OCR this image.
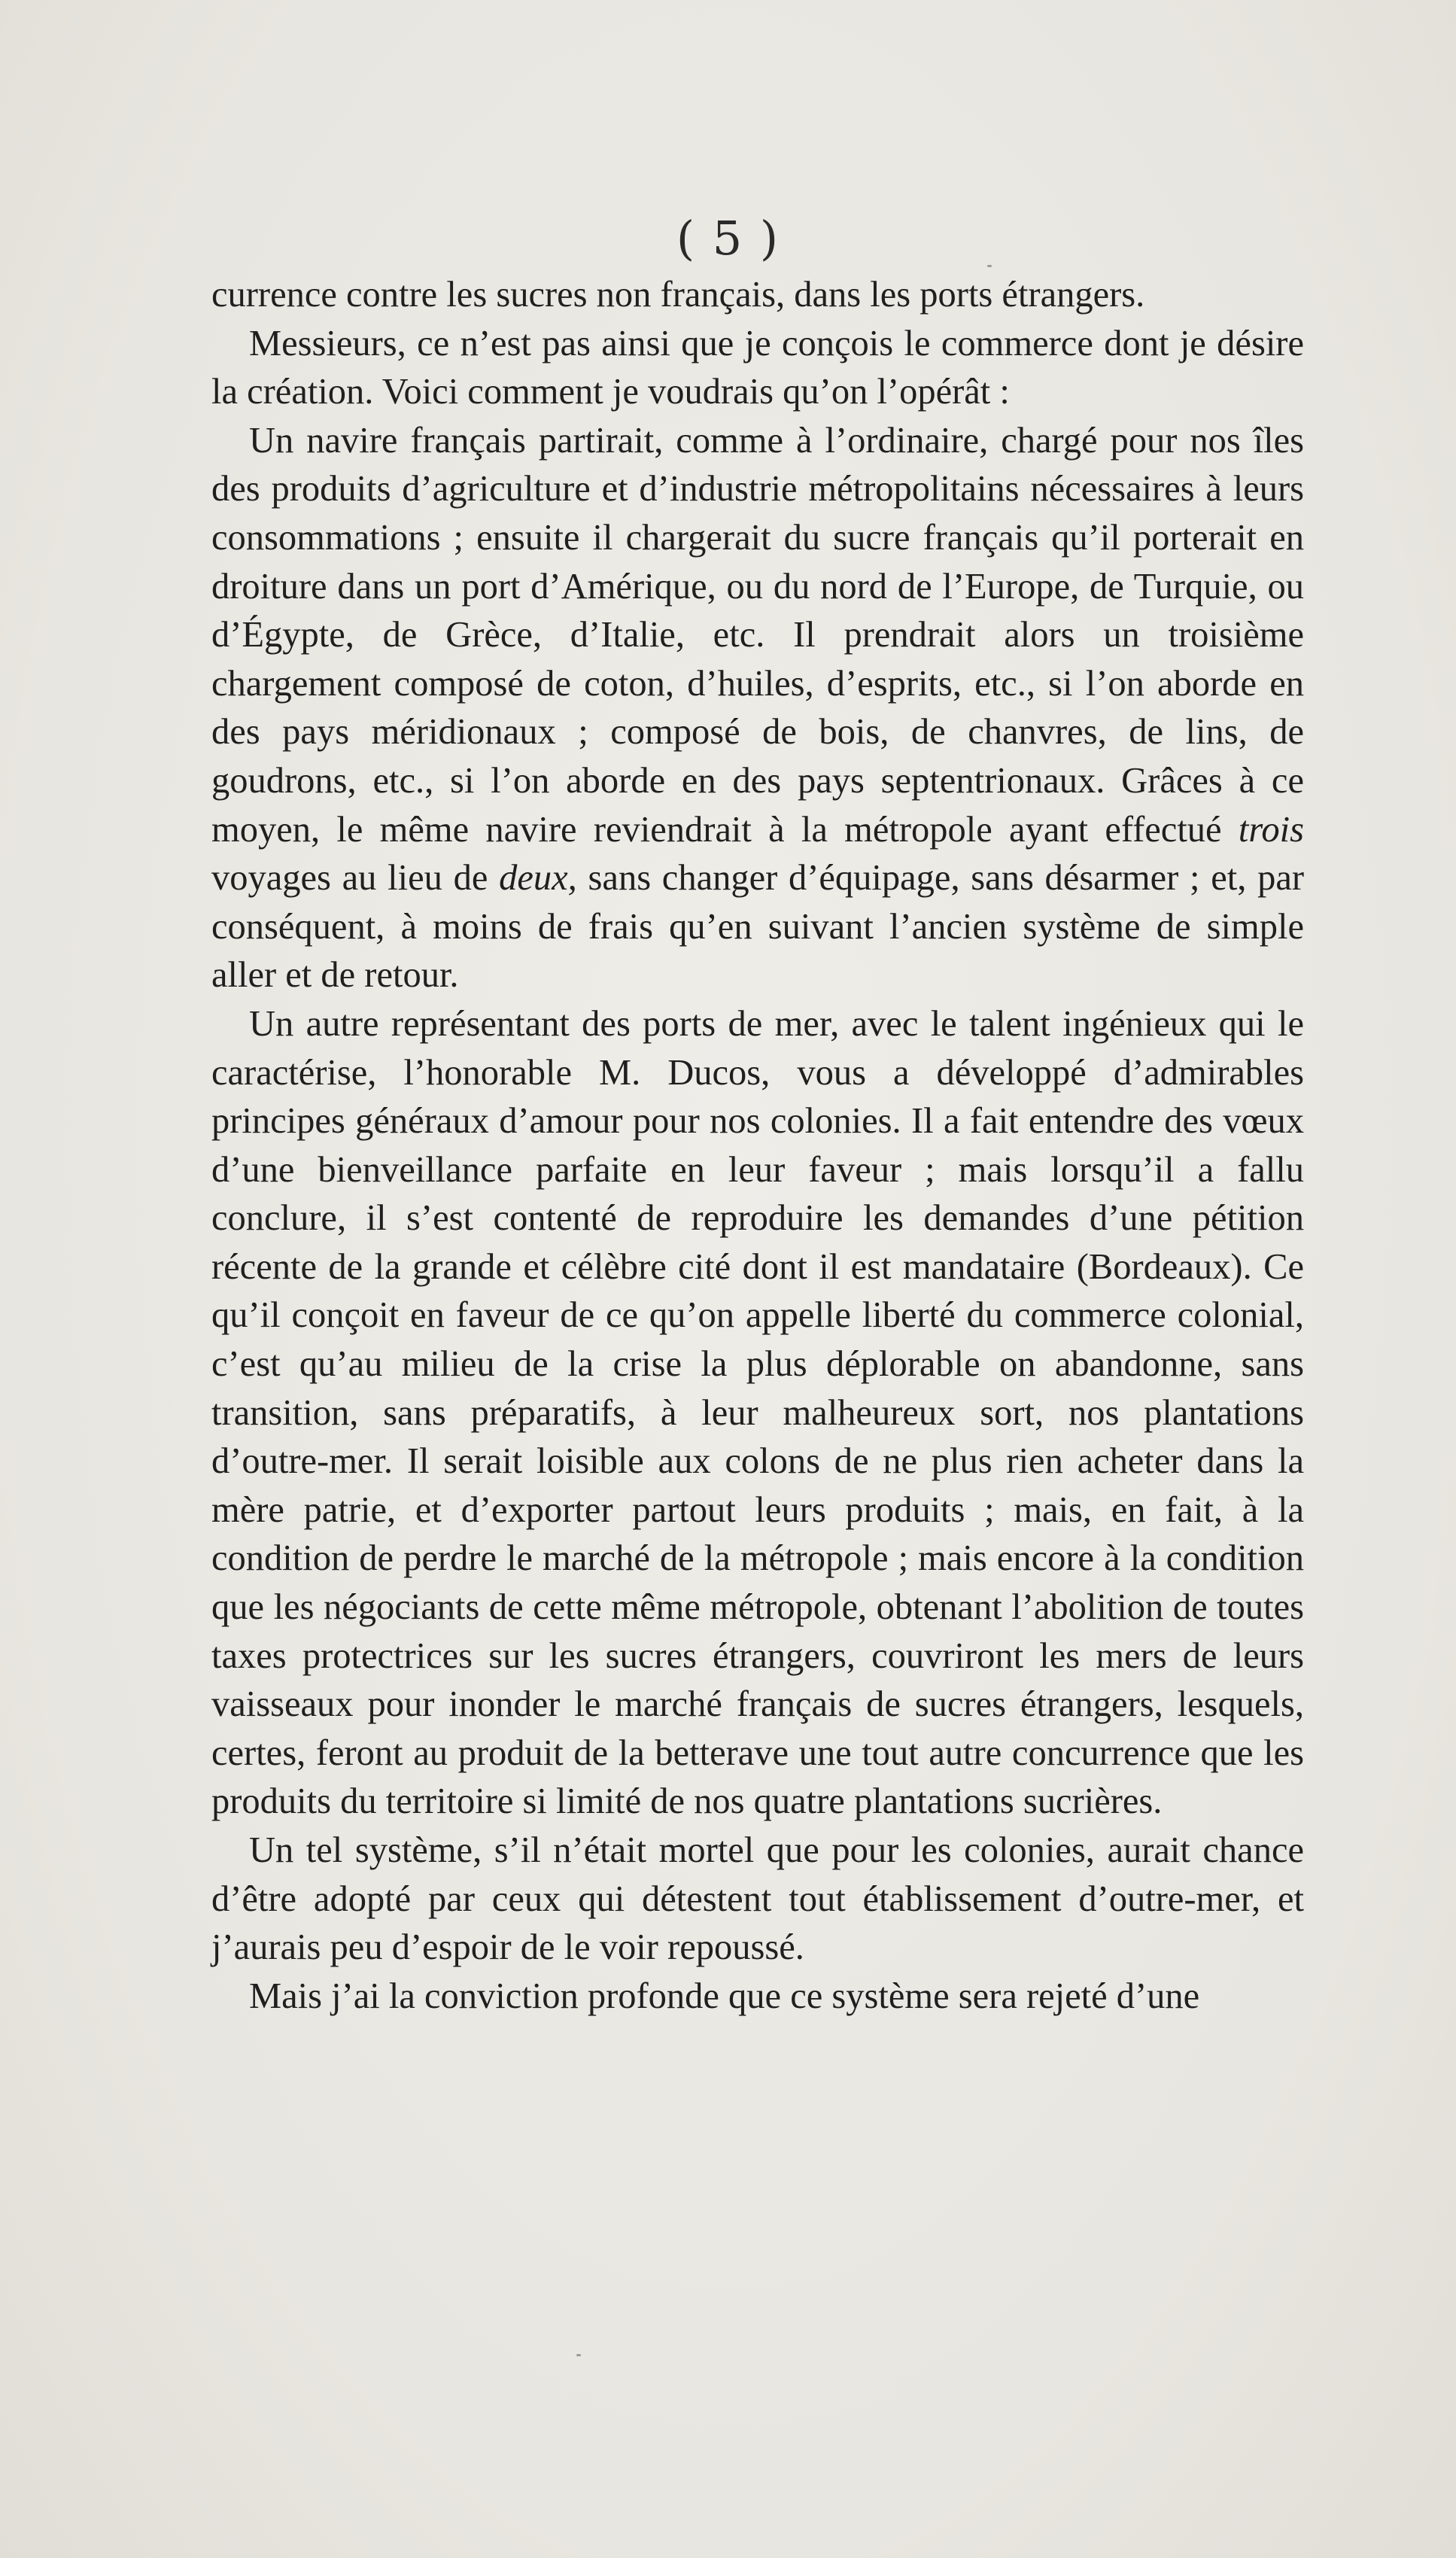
( 5 )

currence contre les sucres non français, dans les ports étrangers.

Messieurs, ce n’est pas ainsi que je conçois le commerce dont je désire la création. Voici comment je voudrais qu’on l’opérât :

Un navire français partirait, comme à l’ordinaire, chargé pour nos îles des produits d’agriculture et d’industrie métropolitains nécessaires à leurs consommations ; ensuite il chargerait du sucre français qu’il porterait en droiture dans un port d’Amérique, ou du nord de l’Europe, de Turquie, ou d’Égypte, de Grèce, d’Italie, etc. Il prendrait alors un troisième chargement composé de coton, d’huiles, d’esprits, etc., si l’on aborde en des pays méridionaux ; composé de bois, de chanvres, de lins, de goudrons, etc., si l’on aborde en des pays septentrionaux. Grâces à ce moyen, le même navire reviendrait à la métropole ayant effectué trois voyages au lieu de deux, sans changer d’équipage, sans désarmer ; et, par conséquent, à moins de frais qu’en suivant l’ancien système de simple aller et de retour.

Un autre représentant des ports de mer, avec le talent ingénieux qui le caractérise, l’honorable M. Ducos, vous a développé d’admirables principes généraux d’amour pour nos colonies. Il a fait entendre des vœux d’une bienveillance parfaite en leur faveur ; mais lorsqu’il a fallu conclure, il s’est contenté de reproduire les demandes d’une pétition récente de la grande et célèbre cité dont il est mandataire (Bordeaux). Ce qu’il conçoit en faveur de ce qu’on appelle liberté du commerce colonial, c’est qu’au milieu de la crise la plus déplorable on abandonne, sans transition, sans préparatifs, à leur malheureux sort, nos plantations d’outre-mer. Il serait loisible aux colons de ne plus rien acheter dans la mère patrie, et d’exporter partout leurs produits ; mais, en fait, à la condition de perdre le marché de la métropole ; mais encore à la condition que les négociants de cette même métropole, obtenant l’abolition de toutes taxes protectrices sur les sucres étrangers, couvriront les mers de leurs vaisseaux pour inonder le marché français de sucres étrangers, lesquels, certes, feront au produit de la betterave une tout autre concurrence que les produits du territoire si limité de nos quatre plantations sucrières.

Un tel système, s’il n’était mortel que pour les colonies, aurait chance d’être adopté par ceux qui détestent tout établissement d’outre-mer, et j’aurais peu d’espoir de le voir repoussé.

Mais j’ai la conviction profonde que ce système sera rejeté d’une
